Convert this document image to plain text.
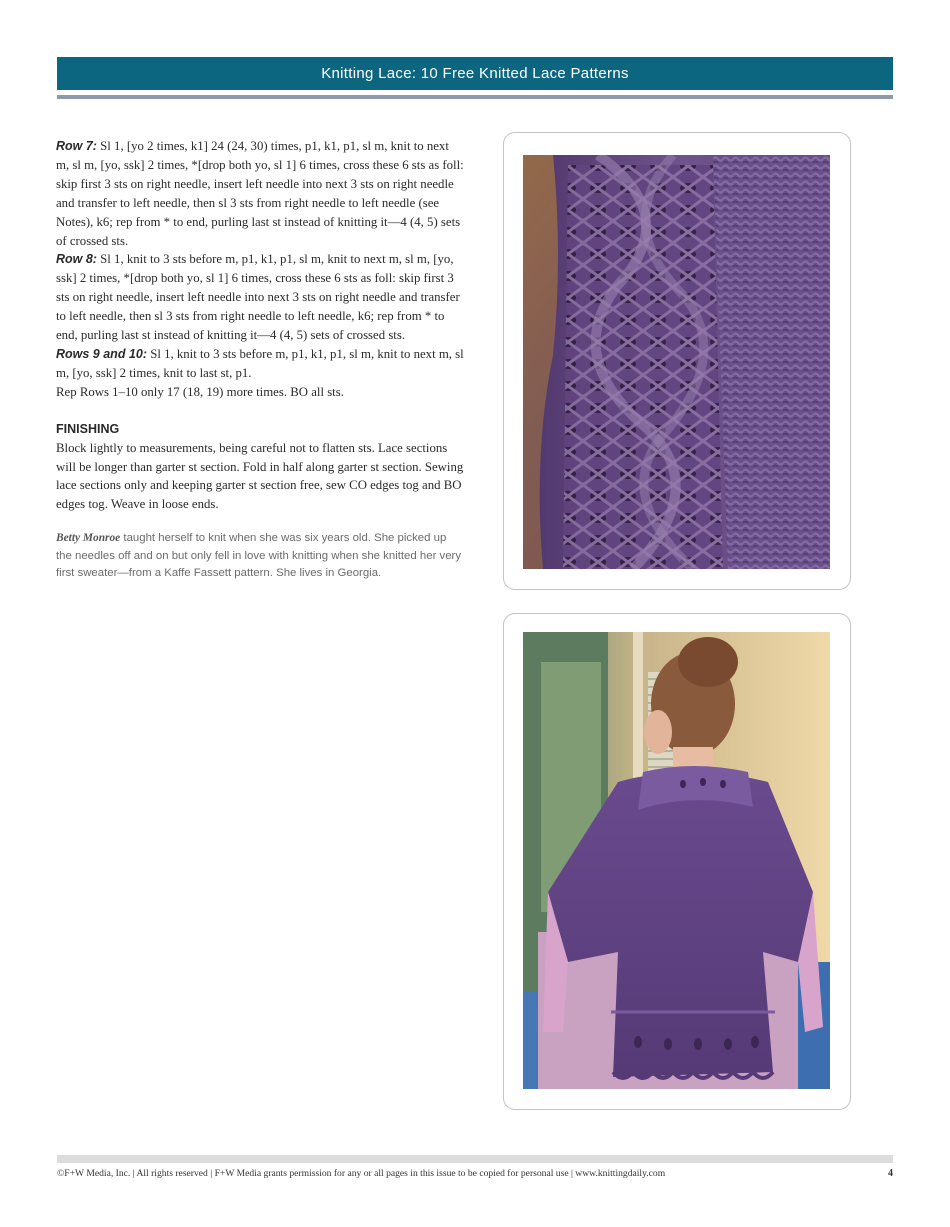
Knitting Lace: 10 Free Knitted Lace Patterns

Row 7: Sl 1, [yo 2 times, k1] 24 (24, 30) times, p1, k1, p1, sl m, knit to next m, sl m, [yo, ssk] 2 times, *[drop both yo, sl 1] 6 times, cross these 6 sts as foll: skip first 3 sts on right needle, insert left needle into next 3 sts on right needle and transfer to left needle, then sl 3 sts from right needle to left needle (see Notes), k6; rep from * to end, purling last st instead of knitting it—4 (4, 5) sets of crossed sts.

Row 8: Sl 1, knit to 3 sts before m, p1, k1, p1, sl m, knit to next m, sl m, [yo, ssk] 2 times, *[drop both yo, sl 1] 6 times, cross these 6 sts as foll: skip first 3 sts on right needle, insert left needle into next 3 sts on right needle and transfer to left needle, then sl 3 sts from right needle to left needle, k6; rep from * to end, purling last st instead of knitting it—4 (4, 5) sets of crossed sts.

Rows 9 and 10: Sl 1, knit to 3 sts before m, p1, k1, p1, sl m, knit to next m, sl m, [yo, ssk] 2 times, knit to last st, p1.

Rep Rows 1–10 only 17 (18, 19) more times. BO all sts.

FINISHING

Block lightly to measurements, being careful not to flatten sts. Lace sections will be longer than garter st section. Fold in half along garter st section. Sewing lace sections only and keeping garter st section free, sew CO edges tog and BO edges tog. Weave in loose ends.

Betty Monroe taught herself to knit when she was six years old. She picked up the needles off and on but only fell in love with knitting when she knitted her very first sweater—from a Kaffe Fassett pattern. She lives in Georgia.

©F+W Media, Inc. | All rights reserved | F+W Media grants permission for any or all pages in this issue to be copied for personal use | www.knittingdaily.com	4
